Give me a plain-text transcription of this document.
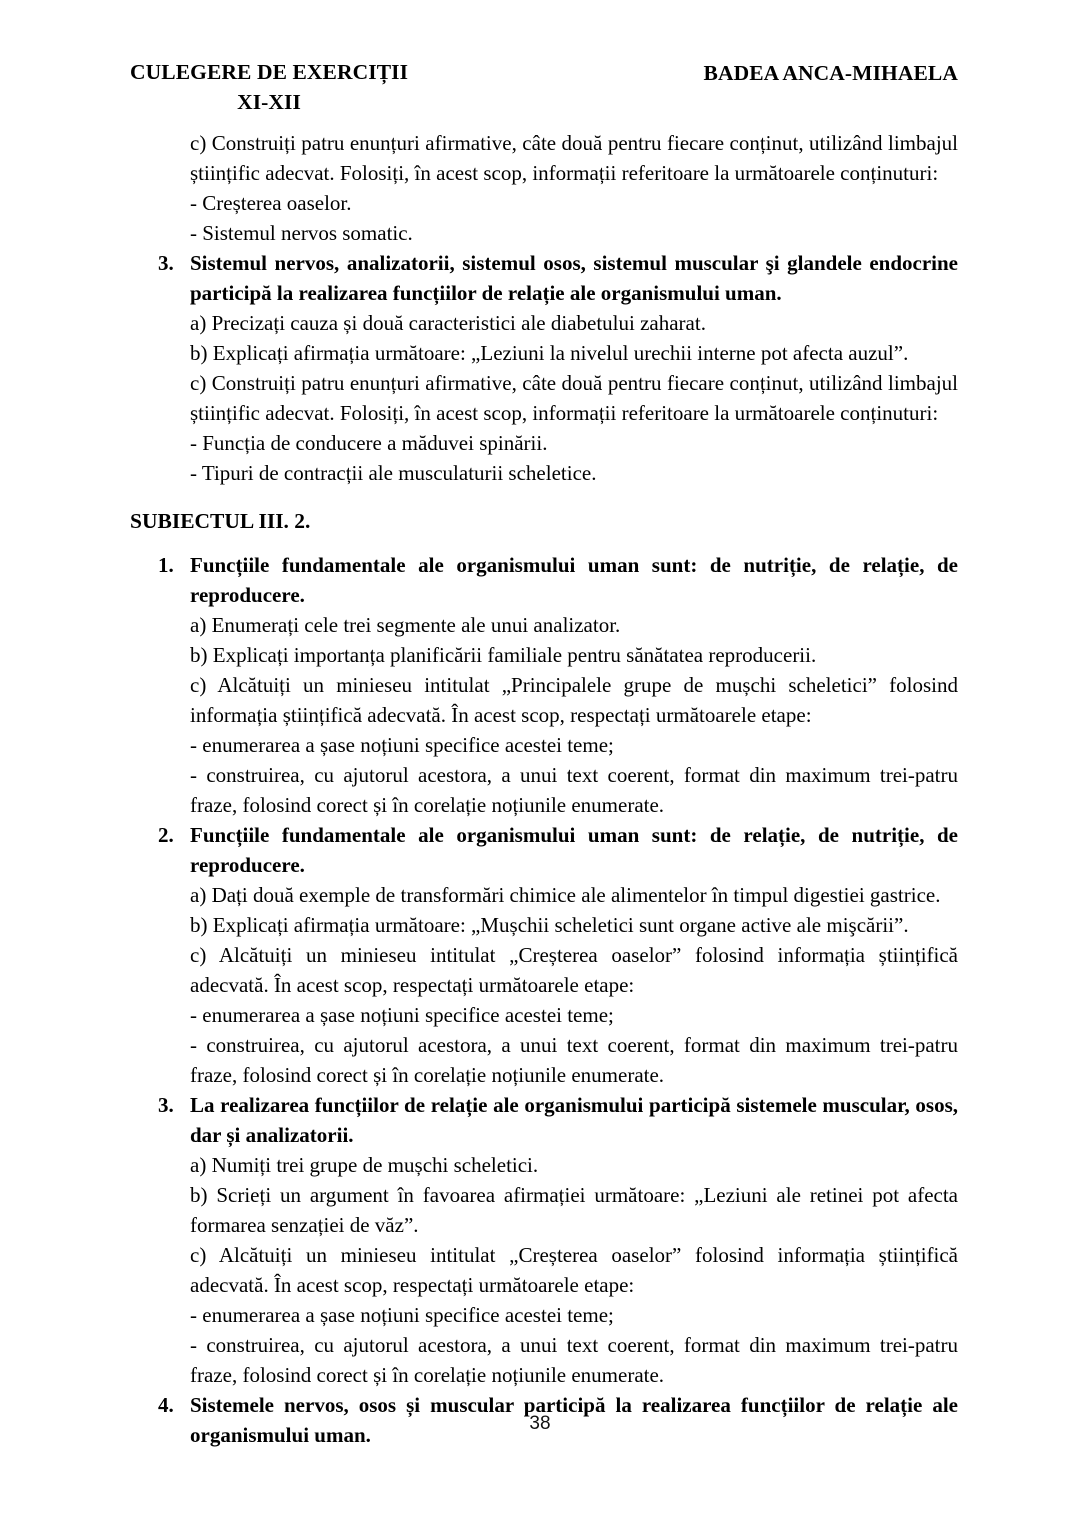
CULEGERE DE EXERCIȚII
XI-XII
BADEA ANCA-MIHAELA

c) Construiți patru enunțuri afirmative, câte două pentru fiecare conținut, utilizând limbajul științific adecvat. Folosiți, în acest scop, informații referitoare la următoarele conținuturi:

- Creșterea oaselor.

- Sistemul nervos somatic.

3. Sistemul nervos, analizatorii, sistemul osos, sistemul muscular şi glandele endocrine participă la realizarea funcțiilor de relație ale organismului uman.

a) Precizați cauza și două caracteristici ale diabetului zaharat.

b) Explicați afirmația următoare: „Leziuni la nivelul urechii interne pot afecta auzul”.

c) Construiți patru enunțuri afirmative, câte două pentru fiecare conținut, utilizând limbajul științific adecvat. Folosiți, în acest scop, informații referitoare la următoarele conținuturi:

- Funcția de conducere a măduvei spinării.

- Tipuri de contracții ale musculaturii scheletice.

SUBIECTUL III. 2.

1. Funcțiile fundamentale ale organismului uman sunt: de nutriție, de relație, de reproducere.

a) Enumerați cele trei segmente ale unui analizator.

b) Explicați importanța planificării familiale pentru sănătatea reproducerii.

c) Alcătuiți un minieseu intitulat „Principalele grupe de mușchi scheletici” folosind informația științifică adecvată. În acest scop, respectați următoarele etape:

- enumerarea a șase noțiuni specifice acestei teme;

- construirea, cu ajutorul acestora, a unui text coerent, format din maximum trei-patru fraze, folosind corect și în corelație noțiunile enumerate.

2. Funcțiile fundamentale ale organismului uman sunt: de relație, de nutriție, de reproducere.

a) Dați două exemple de transformări chimice ale alimentelor în timpul digestiei gastrice.

b) Explicați afirmația următoare: „Mușchii scheletici sunt organe active ale mişcării”.

c) Alcătuiți un minieseu intitulat „Creșterea oaselor” folosind informația științifică adecvată. În acest scop, respectați următoarele etape:

- enumerarea a șase noțiuni specifice acestei teme;

- construirea, cu ajutorul acestora, a unui text coerent, format din maximum trei-patru fraze, folosind corect și în corelație noțiunile enumerate.

3. La realizarea funcțiilor de relație ale organismului participă sistemele muscular, osos, dar și analizatorii.

a) Numiți trei grupe de mușchi scheletici.

b) Scrieți un argument în favoarea afirmației următoare: „Leziuni ale retinei pot afecta formarea senzației de văz”.

c) Alcătuiți un minieseu intitulat „Creșterea oaselor” folosind informația științifică adecvată. În acest scop, respectați următoarele etape:

- enumerarea a șase noțiuni specifice acestei teme;

- construirea, cu ajutorul acestora, a unui text coerent, format din maximum trei-patru fraze, folosind corect și în corelație noțiunile enumerate.

4. Sistemele nervos, osos și muscular participă la realizarea funcțiilor de relație ale organismului uman.	38
